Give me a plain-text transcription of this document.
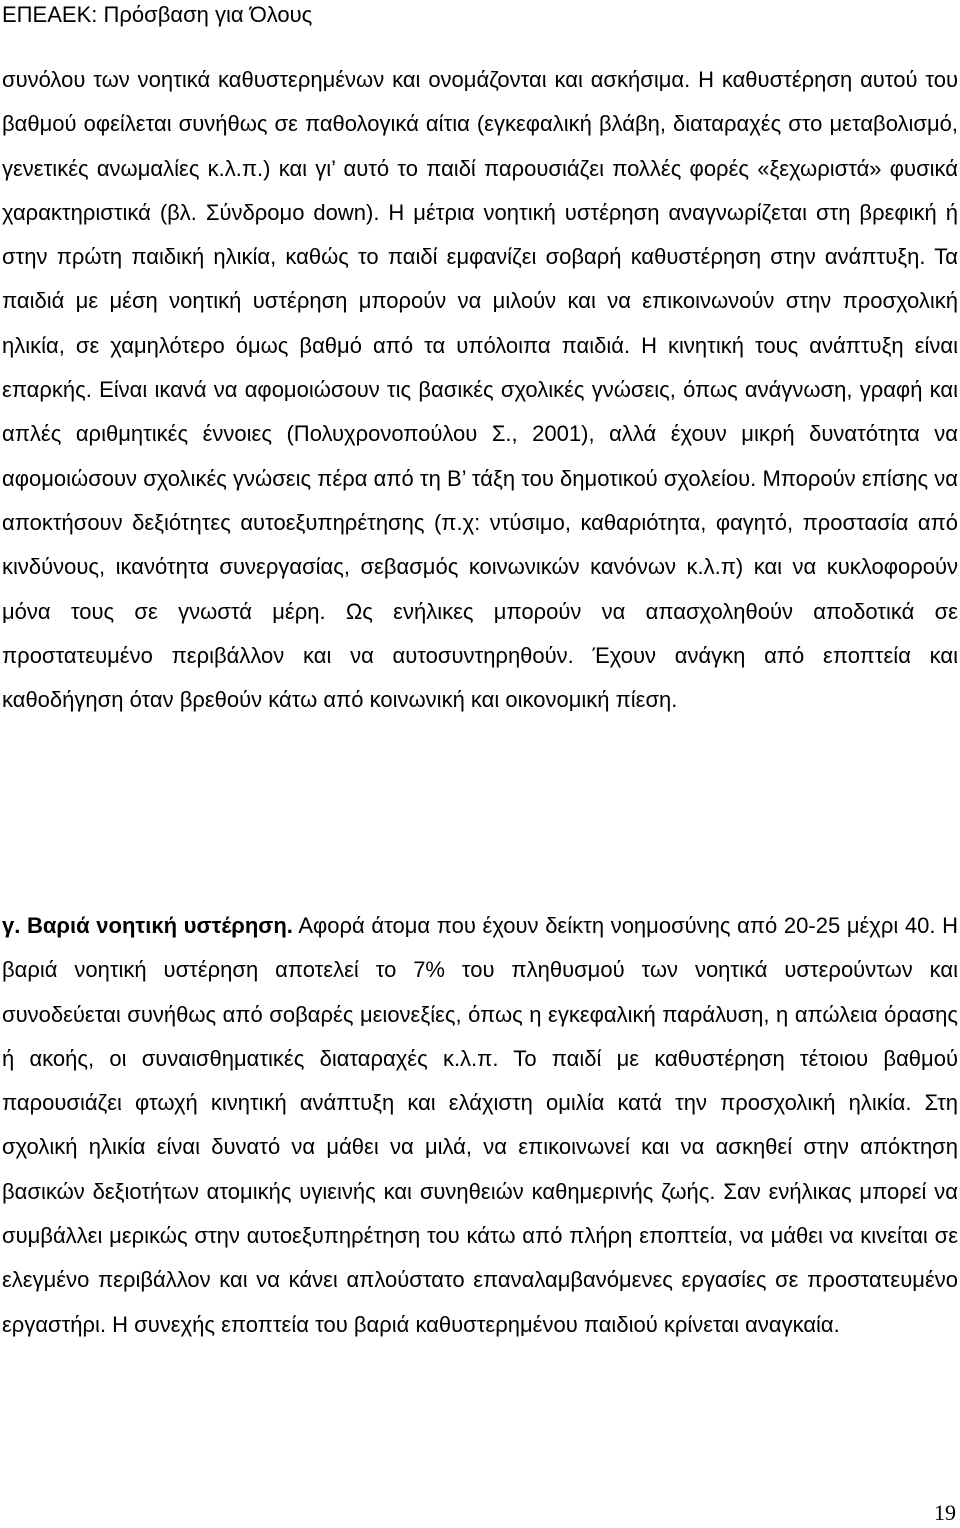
ΕΠΕΑΕΚ: Πρόσβαση για Όλους
συνόλου των νοητικά καθυστερημένων και ονομάζονται και ασκήσιμα. Η καθυστέρηση αυτού του βαθμού οφείλεται συνήθως σε παθολογικά αίτια (εγκεφαλική βλάβη, διαταραχές στο μεταβολισμό, γενετικές ανωμαλίες κ.λ.π.) και γι’ αυτό το παιδί παρουσιάζει πολλές φορές «ξεχωριστά» φυσικά χαρακτηριστικά (βλ. Σύνδρομο down). Η μέτρια νοητική υστέρηση αναγνωρίζεται στη βρεφική ή στην πρώτη παιδική ηλικία, καθώς το παιδί εμφανίζει σοβαρή καθυστέρηση στην ανάπτυξη. Τα παιδιά με μέση νοητική υστέρηση μπορούν να μιλούν και να επικοινωνούν στην προσχολική ηλικία, σε χαμηλότερο όμως βαθμό από τα υπόλοιπα παιδιά. Η κινητική τους ανάπτυξη είναι επαρκής. Είναι ικανά να αφομοιώσουν τις βασικές σχολικές γνώσεις, όπως ανάγνωση, γραφή και απλές αριθμητικές έννοιες (Πολυχρονοπούλου Σ., 2001), αλλά έχουν μικρή δυνατότητα να αφομοιώσουν σχολικές γνώσεις πέρα από τη Β’ τάξη του δημοτικού σχολείου. Μπορούν επίσης να αποκτήσουν δεξιότητες αυτοεξυπηρέτησης (π.χ: ντύσιμο, καθαριότητα, φαγητό, προστασία από κινδύνους, ικανότητα συνεργασίας, σεβασμός κοινωνικών κανόνων κ.λ.π) και να κυκλοφορούν μόνα τους σε γνωστά μέρη. Ως ενήλικες μπορούν να απασχοληθούν αποδοτικά σε προστατευμένο περιβάλλον και να αυτοσυντηρηθούν. Έχουν ανάγκη από εποπτεία και καθοδήγηση όταν βρεθούν κάτω από κοινωνική και οικονομική πίεση.
γ. Βαριά νοητική υστέρηση. Αφορά άτομα που έχουν δείκτη νοημοσύνης από 20-25 μέχρι 40. Η βαριά νοητική υστέρηση αποτελεί το 7% του πληθυσμού των νοητικά υστερούντων και συνοδεύεται συνήθως από σοβαρές μειονεξίες, όπως η εγκεφαλική παράλυση, η απώλεια όρασης ή ακοής, οι συναισθηματικές διαταραχές κ.λ.π. Το παιδί με καθυστέρηση τέτοιου βαθμού παρουσιάζει φτωχή κινητική ανάπτυξη και ελάχιστη ομιλία κατά την προσχολική ηλικία. Στη σχολική ηλικία είναι δυνατό να μάθει να μιλά, να επικοινωνεί και να ασκηθεί στην απόκτηση βασικών δεξιοτήτων ατομικής υγιεινής και συνηθειών καθημερινής ζωής. Σαν ενήλικας μπορεί να συμβάλλει μερικώς στην αυτοεξυπηρέτηση του κάτω από πλήρη εποπτεία, να μάθει να κινείται σε ελεγμένο περιβάλλον και να κάνει απλούστατο επαναλαμβανόμενες εργασίες σε προστατευμένο εργαστήρι. Η συνεχής εποπτεία του βαριά καθυστερημένου παιδιού κρίνεται αναγκαία.
19
